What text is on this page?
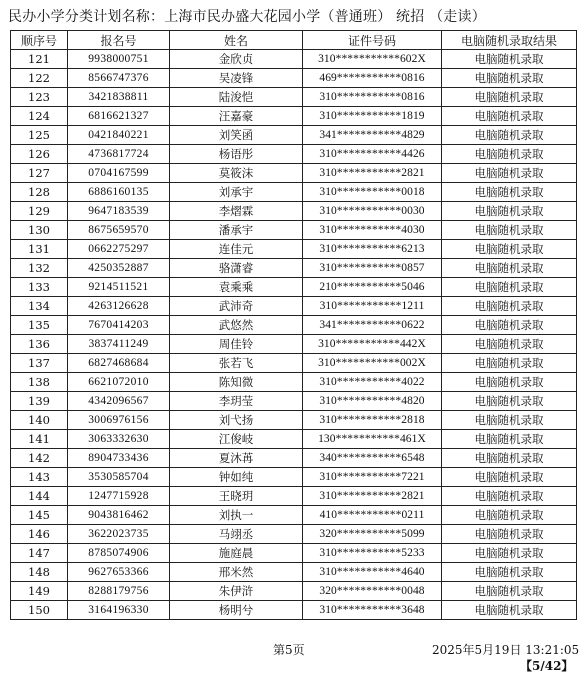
民办小学分类计划名称：上海市民办盛大花园小学（普通班） 统招 （走读）
顺序号	报名号	姓名	证件号码	电脑随机录取结果
121	9938000751	金欣贞	310***********602X	电脑随机录取
122	8566747376	吴凌锋	469***********0816	电脑随机录取
123	3421838811	陆浚恺	310***********0816	电脑随机录取
124	6816621327	汪嘉豪	310***********1819	电脑随机录取
125	0421840221	刘笑函	341***********4829	电脑随机录取
126	4736817724	杨语彤	310***********4426	电脑随机录取
127	0704167599	莫筱沫	310***********2821	电脑随机录取
128	6886160135	刘承宇	310***********0018	电脑随机录取
129	9647183539	李熠霖	310***********0030	电脑随机录取
130	8675659570	潘承宇	310***********4030	电脑随机录取
131	0662275297	连佳元	310***********6213	电脑随机录取
132	4250352887	骆潇睿	310***********0857	电脑随机录取
133	9214511521	袁乘乘	210***********5046	电脑随机录取
134	4263126628	武沛奇	310***********1211	电脑随机录取
135	7670414203	武悠然	341***********0622	电脑随机录取
136	3837411249	周佳铃	310***********442X	电脑随机录取
137	6827468684	张若飞	310***********002X	电脑随机录取
138	6621072010	陈知微	310***********4022	电脑随机录取
139	4342096567	李玥莹	310***********4820	电脑随机录取
140	3006976156	刘弋扬	310***********2818	电脑随机录取
141	3063332630	江俊岐	130***********461X	电脑随机录取
142	8904733436	夏沐苒	340***********6548	电脑随机录取
143	3530585704	钟如纯	310***********7221	电脑随机录取
144	1247715928	王晓玥	310***********2821	电脑随机录取
145	9043816462	刘执一	410***********0211	电脑随机录取
146	3622023735	马翊丞	320***********5099	电脑随机录取
147	8785074906	施庭晨	310***********5233	电脑随机录取
148	9627653366	邢米然	310***********4640	电脑随机录取
149	8288179756	朱伊浒	320***********0048	电脑随机录取
150	3164196330	杨明兮	310***********3648	电脑随机录取
第5页	2025年5月19日 13:21:05
【5/42】
